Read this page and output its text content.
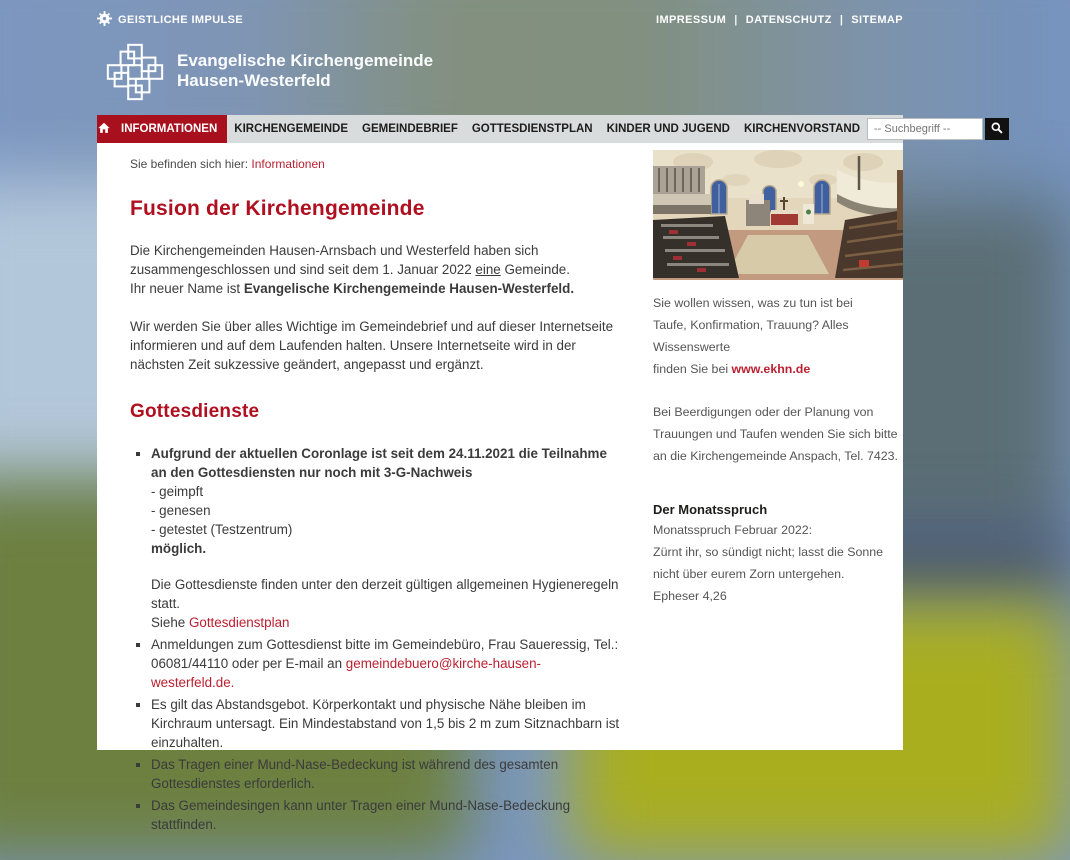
GEISTLICHE IMPULSE	IMPRESSUM | DATENSCHUTZ | SITEMAP
Evangelische Kirchengemeinde
Hausen-Westerfeld
INFORMATIONEN	KIRCHENGEMEINDE	GEMEINDEBRIEF	GOTTESDIENSTPLAN	KINDER UND JUGEND	KIRCHENVORSTAND
-- Suchbegriff --
Sie befinden sich hier: Informationen
Fusion der Kirchengemeinde

Die Kirchengemeinden Hausen-Arnsbach und Westerfeld haben sich zusammengeschlossen und sind seit dem 1. Januar 2022 eine Gemeinde.
Ihr neuer Name ist Evangelische Kirchengemeinde Hausen-Westerfeld.

Wir werden Sie über alles Wichtige im Gemeindebrief und auf dieser Internetseite informieren und auf dem Laufenden halten. Unsere Internetseite wird in der nächsten Zeit sukzessive geändert, angepasst und ergänzt.

Gottesdienste
▪ Aufgrund der aktuellen Coronlage ist seit dem 24.11.2021 die Teilnahme an den Gottesdiensten nur noch mit 3-G-Nachweis
- geimpft
- genesen
- getestet (Testzentrum)
möglich.
Die Gottesdienste finden unter den derzeit gültigen allgemeinen Hygieneregeln statt.
Siehe Gottesdienstplan
▪ Anmeldungen zum Gottesdienst bitte im Gemeindebüro, Frau Saueressig, Tel.: 06081/44110 oder per E-mail an gemeindebuero@kirche-hausen-westerfeld.de.
▪ Es gilt das Abstandsgebot. Körperkontakt und physische Nähe bleiben im Kirchraum untersagt. Ein Mindestabstand von 1,5 bis 2 m zum Sitznachbarn ist einzuhalten.
▪ Das Tragen einer Mund-Nase-Bedeckung ist während des gesamten Gottesdienstes erforderlich.
▪ Das Gemeindesingen kann unter Tragen einer Mund-Nase-Bedeckung stattfinden.
Sie wollen wissen, was zu tun ist bei
Taufe, Konfirmation, Trauung? Alles Wissenswerte
finden Sie bei www.ekhn.de
Bei Beerdigungen oder der Planung von Trauungen und Taufen wenden Sie sich bitte an die Kirchengemeinde Anspach, Tel. 7423.
Der Monatsspruch
Monatsspruch Februar 2022:
Zürnt ihr, so sündigt nicht; lasst die Sonne nicht über eurem Zorn untergehen.
Epheser 4,26
